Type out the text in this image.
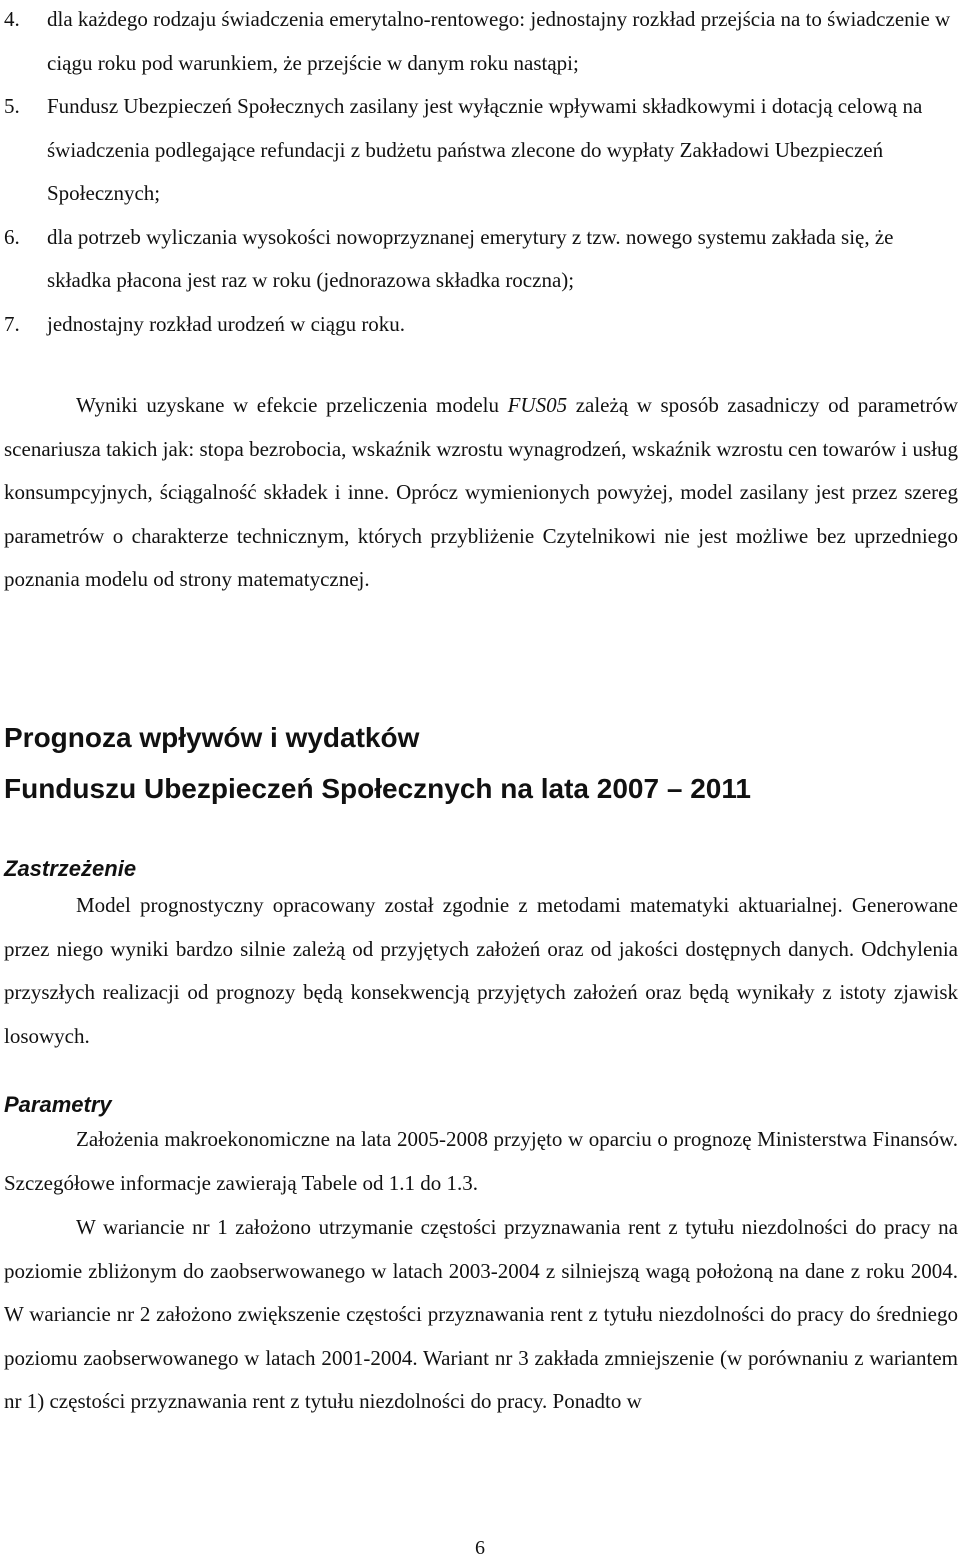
4. dla każdego rodzaju świadczenia emerytalno-rentowego: jednostajny rozkład przejścia na to świadczenie w ciągu roku pod warunkiem, że przejście w danym roku nastąpi;
5. Fundusz Ubezpieczeń Społecznych zasilany jest wyłącznie wpływami składkowymi i dotacją celową na świadczenia podlegające refundacji z budżetu państwa zlecone do wypłaty Zakładowi Ubezpieczeń Społecznych;
6. dla potrzeb wyliczania wysokości nowoprzyznanej emerytury z tzw. nowego systemu zakłada się, że składka płacona jest raz w roku (jednorazowa składka roczna);
7. jednostajny rozkład urodzeń w ciągu roku.

Wyniki uzyskane w efekcie przeliczenia modelu FUS05 zależą w sposób zasadniczy od parametrów scenariusza takich jak: stopa bezrobocia, wskaźnik wzrostu wynagrodzeń, wskaźnik wzrostu cen towarów i usług konsumpcyjnych, ściągalność składek i inne. Oprócz wymienionych powyżej, model zasilany jest przez szereg parametrów o charakterze technicznym, których przybliżenie Czytelnikowi nie jest możliwe bez uprzedniego poznania modelu od strony matematycznej.

Prognoza wpływów i wydatków
Funduszu Ubezpieczeń Społecznych na lata 2007 – 2011
Zastrzeżenie

Model prognostyczny opracowany został zgodnie z metodami matematyki aktuarialnej. Generowane przez niego wyniki bardzo silnie zależą od przyjętych założeń oraz od jakości dostępnych danych. Odchylenia przyszłych realizacji od prognozy będą konsekwencją przyjętych założeń oraz będą wynikały z istoty zjawisk losowych.

Parametry

Założenia makroekonomiczne na lata 2005-2008 przyjęto w oparciu o prognozę Ministerstwa Finansów. Szczegółowe informacje zawierają Tabele od 1.1 do 1.3.

W wariancie nr 1 założono utrzymanie częstości przyznawania rent z tytułu niezdolności do pracy na poziomie zbliżonym do zaobserwowanego w latach 2003-2004 z silniejszą wagą położoną na dane z roku 2004. W wariancie nr 2 założono zwiększenie częstości przyznawania rent z tytułu niezdolności do pracy do średniego poziomu zaobserwowanego w latach 2001-2004. Wariant nr 3 zakłada zmniejszenie (w porównaniu z wariantem nr 1) częstości przyznawania rent z tytułu niezdolności do pracy. Ponadto w

6
